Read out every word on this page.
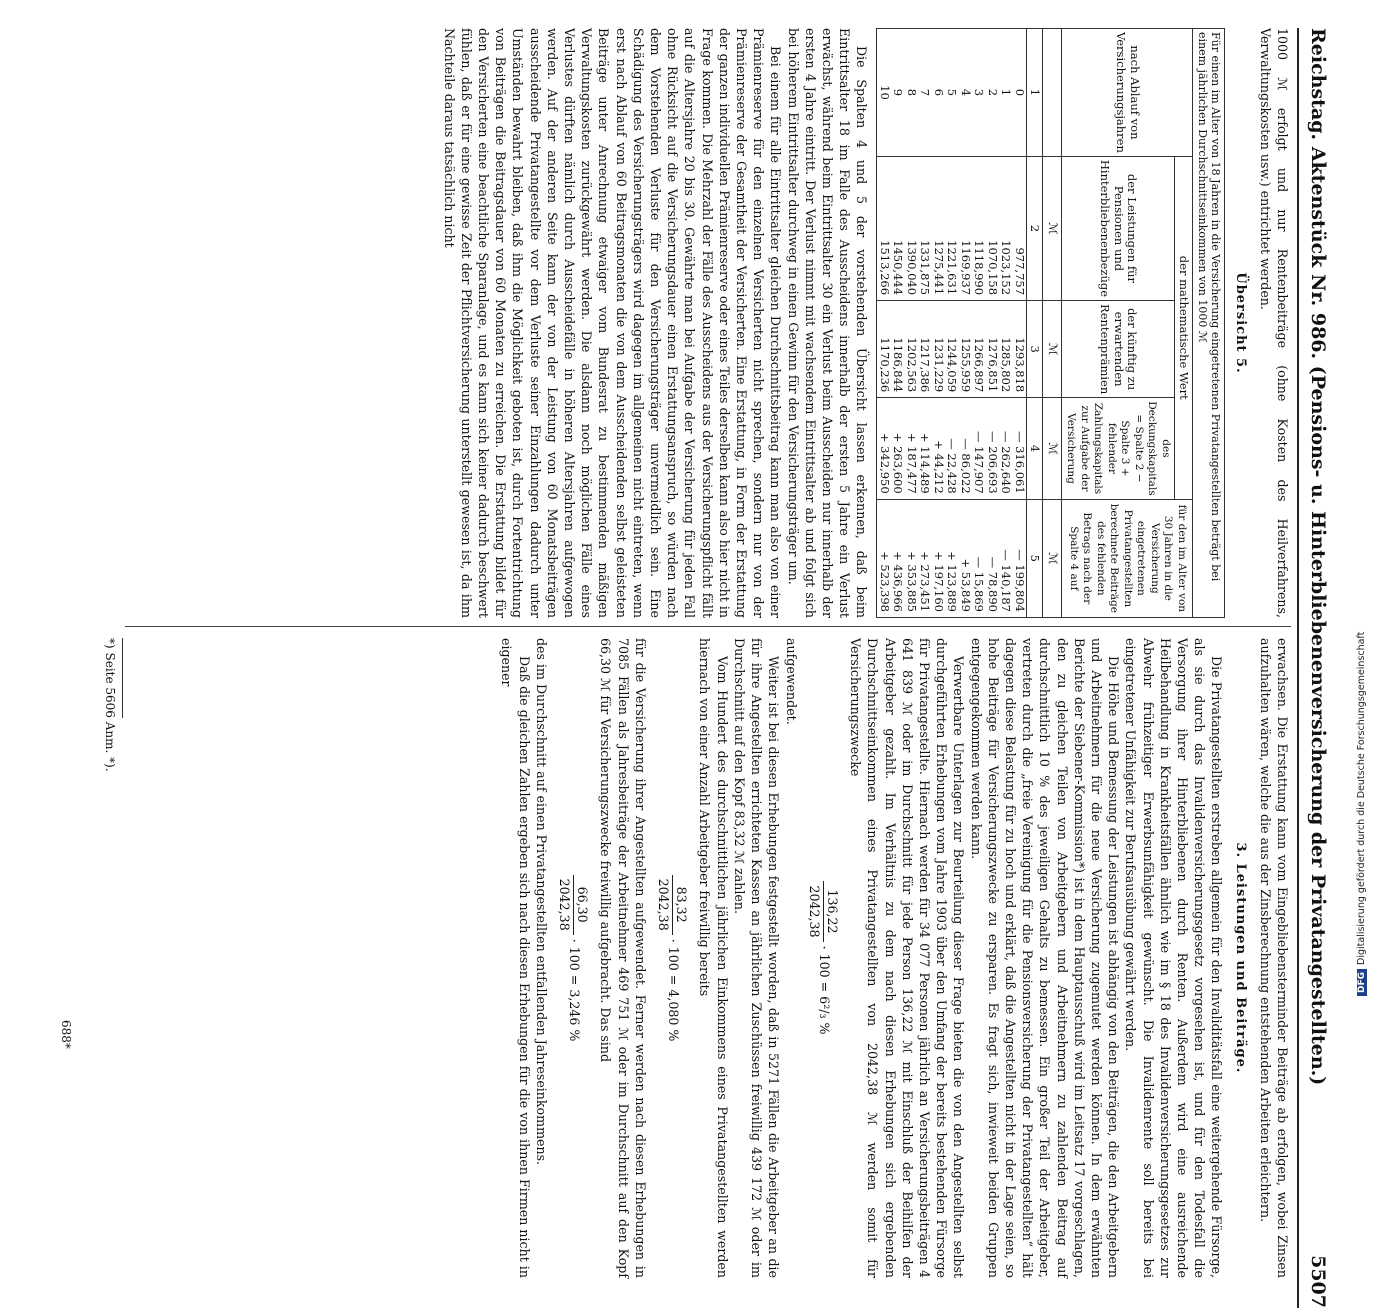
Reichstag. Aktenstück Nr. 986. (Pensions- u. Hinterbliebenenversicherung der Privatangestellten.)
5507

1000 ℳ erfolgt und nur Rentenbeiträge (ohne Kosten des Heilverfahrens, Verwaltungskosten usw.) entrichtet werden.

Übersicht 5.
Für einen im Alter von 18 Jahren in die Versicherung eingetretenen Privatangestellten beträgt bei einem jährlichen Durchschnittseinkommen von 1000 ℳ				
nach Ablauf von Versicherungsjahren	der mathematische Wert			für den im Alter von 30 Jahren in die Versicherung eingetretenen Privatangestellten berechnete Beiträge des fehlenden Betrags nach der Spalte 4 auf
	der Leistungen für Pensionen und Hinterbliebenenbezüge	der künftig zu erwartenden Rentenprämien	des Deckungskapitals = Spalte 2 − Spalte 3 + fehlender Zahlungskapitals zur Aufgabe der Versicherung	
	ℳ	ℳ	ℳ	ℳ
1	2	3	4	5
0	977,757	1293,818	— 316,061	— 199,804
1	1023,152	1285,802	— 262,640	— 140,187
2	1070,158	1276,851	— 206,693	— 78,890
3	1118,990	1266,897	— 147,907	— 15,869
4	1169,937	1255,959	— 86,022	+ 53,849
5	1221,631	1244,059	— 22,428	+ 123,889
6	1275,441	1231,229	+ 44,212	+ 197,160
7	1331,875	1217,386	+ 114,489	+ 273,451
8	1390,040	1202,563	+ 187,477	+ 353,885
9	1450,444	1186,844	+ 263,600	+ 436,966
10	1513,266	1170,236	+ 342,950	+ 523,398

Die Spalten 4 und 5 der vorstehenden Übersicht lassen erkennen, daß beim Eintrittsalter 18 im Falle des Ausscheidens innerhalb der ersten 5 Jahre ein Verlust erwächst, während beim Eintrittsalter 30 ein Verlust beim Ausscheiden nur innerhalb der ersten 4 Jahre eintritt. Der Verlust nimmt mit wachsendem Eintrittsalter ab und folgt sich bei höherem Eintrittsalter durchweg in einen Gewinn für den Versicherungsträger um.

Bei einem für alle Eintrittsalter gleichen Durchschnittsbeitrag kann man also von einer Prämienreserve für den einzelnen Versicherten nicht sprechen, sondern nur von der Prämienreserve der Gesamtheit der Versicherten. Eine Erstattung, in Form der Erstattung der ganzen individuellen Prämienreserve oder eines Teiles derselben kann also hier nicht in Frage kommen. Die Mehrzahl der Fälle des Ausscheidens aus der Versicherungspflicht fällt auf die Altersjahre 20 bis 30. Gewährte man bei Aufgabe der Versicherung für jeden Fall ohne Rücksicht auf die Versicherungsdauer einen Erstattungsanspruch, so würden nach dem Vorstehenden Verluste für den Versicherungsträger unvermeidlich sein. Eine Schädigung des Versicherungsträgers wird dagegen im allgemeinen nicht eintreten, wenn erst nach Ablauf von 60 Beitragsmonaten die von dem Ausscheidenden selbst geleisteten Beiträge unter Anrechnung etwaiger vom Bundesrat zu bestimmenden mäßigen Verwaltungskosten zurückgewährt werden. Die alsdann noch möglichen Fälle eines Verlustes dürften nämlich durch Ausscheidefälle in höheren Altersjahren aufgewogen werden. Auf der anderen Seite kann der von der Leistung von 60 Monatsbeiträgen ausscheidende Privatangestellte vor dem Verluste seiner Einzahlungen dadurch unter Umständen bewahrt bleiben, daß ihm die Möglichkeit geboten ist, durch Fortentrichtung von Beiträgen die Beitragsdauer von 60 Monaten zu erreichen. Die Erstattung bildet für den Versicherten eine beachtliche Sparanlage, und es kann sich keiner dadurch beschwert fühlen, daß er für eine gewisse Zeit der Pflichtversicherung unterstellt gewesen ist, da ihm Nachteile daraus tatsächlich nicht

erwachsen. Die Erstattung kann vom Eingebliebensterminder Beiträge ab erfolgen, wobei Zinsen aufzuhalten wären, welche die aus der Zinsberechnung entstehenden Arbeiten erleichtern.

3. Leistungen und Beiträge.

Die Privatangestellten erstreben allgemein für den Invaliditätsfall eine weitergehende Fürsorge, als sie durch das Invalidenversicherungsgesetz vorgesehen ist, und für den Todesfall die Versorgung ihrer Hinterbliebenen durch Renten. Außerdem wird eine ausreichende Heilbehandlung in Krankheitsfällen ähnlich wie im § 18 des Invalidenversicherungsgesetzes zur Abwehr frühzeitiger Erwerbsunfähigkeit gewünscht. Die Invalidenrente soll bereits bei eingetretener Unfähigkeit zur Berufsausübung gewährt werden.

Die Höhe und Bemessung der Leistungen ist abhängig von den Beiträgen, die den Arbeitgebern und Arbeitnehmern für die neue Versicherung zugemutet werden können. In dem erwähnten Berichte der Siebener-Kommission*) ist in dem Hauptausschuß wird im Leitsatz 17 vorgeschlagen, den zu gleichen Teilen von Arbeitgebern und Arbeitnehmern zu zahlenden Beitrag auf durchschnittlich 10 % des jeweiligen Gehalts zu bemessen. Ein großer Teil der Arbeitgeber, vertreten durch die „freie Vereinigung für die Pensionsversicherung der Privatangestellten“ hält dagegen diese Belastung für zu hoch und erklärt, daß die Angestellten nicht in der Lage seien, so hohe Beiträge für Versicherungszwecke zu ersparen. Es fragt sich, inwieweit beiden Gruppen entgegengekommen werden kann.

Verwertbare Unterlagen zur Beurteilung dieser Frage bieten die von den Angestellten selbst durchgeführten Erhebungen vom Jahre 1903 über den Umfang der bereits bestehenden Fürsorge für Privatangestellte. Hiernach werden für 34 077 Personen jährlich an Versicherungsbeiträgen 4 641 839 ℳ oder im Durchschnitt für jede Person 136,22 ℳ mit Einschluß der Beihilfen der Arbeitgeber gezahlt. Im Verhältnis zu dem nach diesen Erhebungen sich ergebenden Durchschnittseinkommen eines Privatangestellten von 2042,38 ℳ werden somit für Versicherungszwecke

136,22
2042,38
· 100 = 6²/₃ %

aufgewendet.

Weiter ist bei diesen Erhebungen festgestellt worden, daß in 5271 Fällen die Arbeitgeber an die für ihre Angestellten errichteten Kassen an jährlichen Zuschüssen freiwillig 439 172 ℳ oder im Durchschnitt auf den Kopf 83,32 ℳ zahlen.

Vom Hundert des durchschnittlichen jährlichen Einkommens eines Privatangestellten werden hiernach von einer Anzahl Arbeitgeber freiwillig bereits

83,32
2042,38
· 100 = 4,080 %

für die Versicherung ihrer Angestellten aufgewendet. Ferner werden nach diesen Erhebungen in 7085 Fällen als Jahresbeiträge der Arbeitnehmer 469 751 ℳ oder im Durchschnitt auf den Kopf 66,30 ℳ für Versicherungszwecke freiwillig aufgebracht. Das sind

66,30
2042,38
· 100 = 3,246 %

des im Durchschnitt auf einen Privatangestellten entfallenden Jahreseinkommens.

Daß die gleichen Zahlen ergeben sich nach diesen Erhebungen für die von ihnen Firmen nicht in eigener

*) Seite 5606 Anm. *).
688*
DFGDigitalisierung gefördert durch die Deutsche Forschungsgemeinschaft
